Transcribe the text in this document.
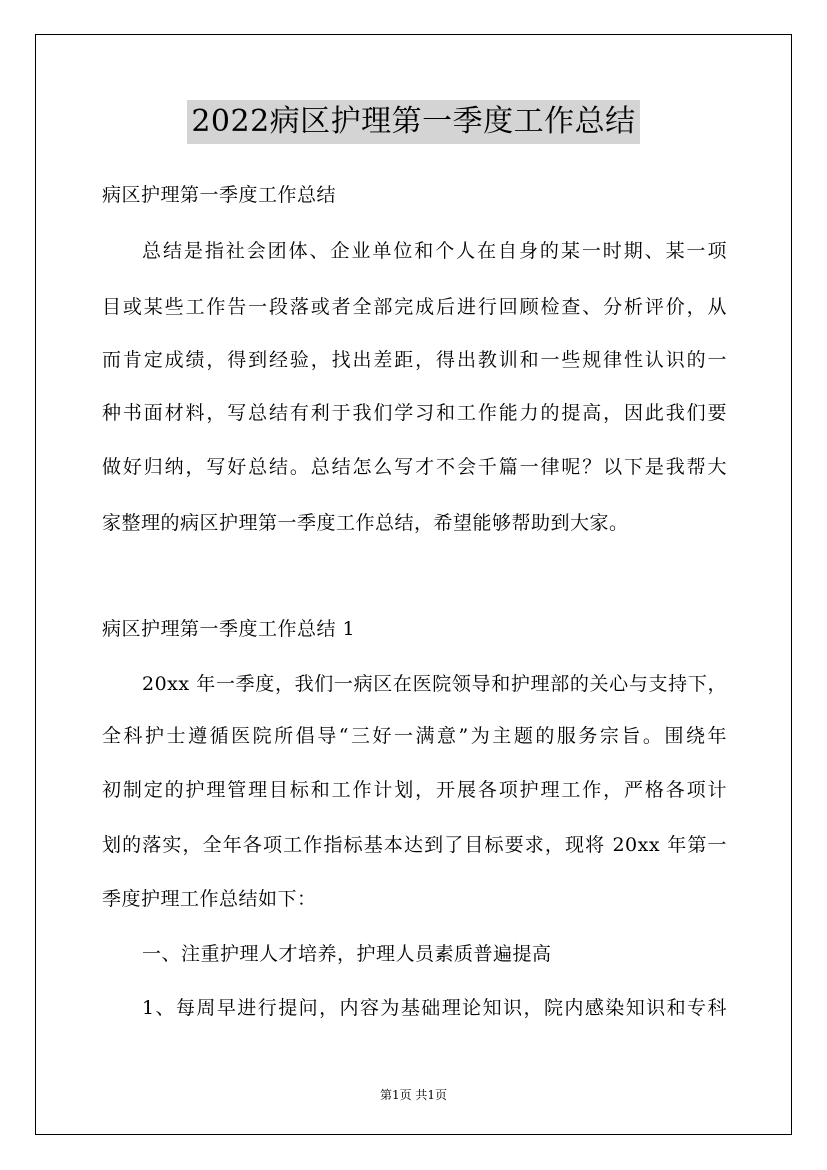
2022病区护理第一季度工作总结
病区护理第一季度工作总结
总结是指社会团体、企业单位和个人在自身的某一时期、某一项
目或某些工作告一段落或者全部完成后进行回顾检查、分析评价，从
而肯定成绩，得到经验，找出差距，得出教训和一些规律性认识的一
种书面材料，写总结有利于我们学习和工作能力的提高，因此我们要
做好归纳，写好总结。总结怎么写才不会千篇一律呢？以下是我帮大
家整理的病区护理第一季度工作总结，希望能够帮助到大家。
病区护理第一季度工作总结 1
20xx 年一季度，我们一病区在医院领导和护理部的关心与支持下，
全科护士遵循医院所倡导“三好一满意”为主题的服务宗旨。围绕年
初制定的护理管理目标和工作计划，开展各项护理工作，严格各项计
划的落实，全年各项工作指标基本达到了目标要求，现将 20xx 年第一
季度护理工作总结如下：
一、注重护理人才培养，护理人员素质普遍提高
1、每周早进行提问，内容为基础理论知识，院内感染知识和专科
第1页 共1页
